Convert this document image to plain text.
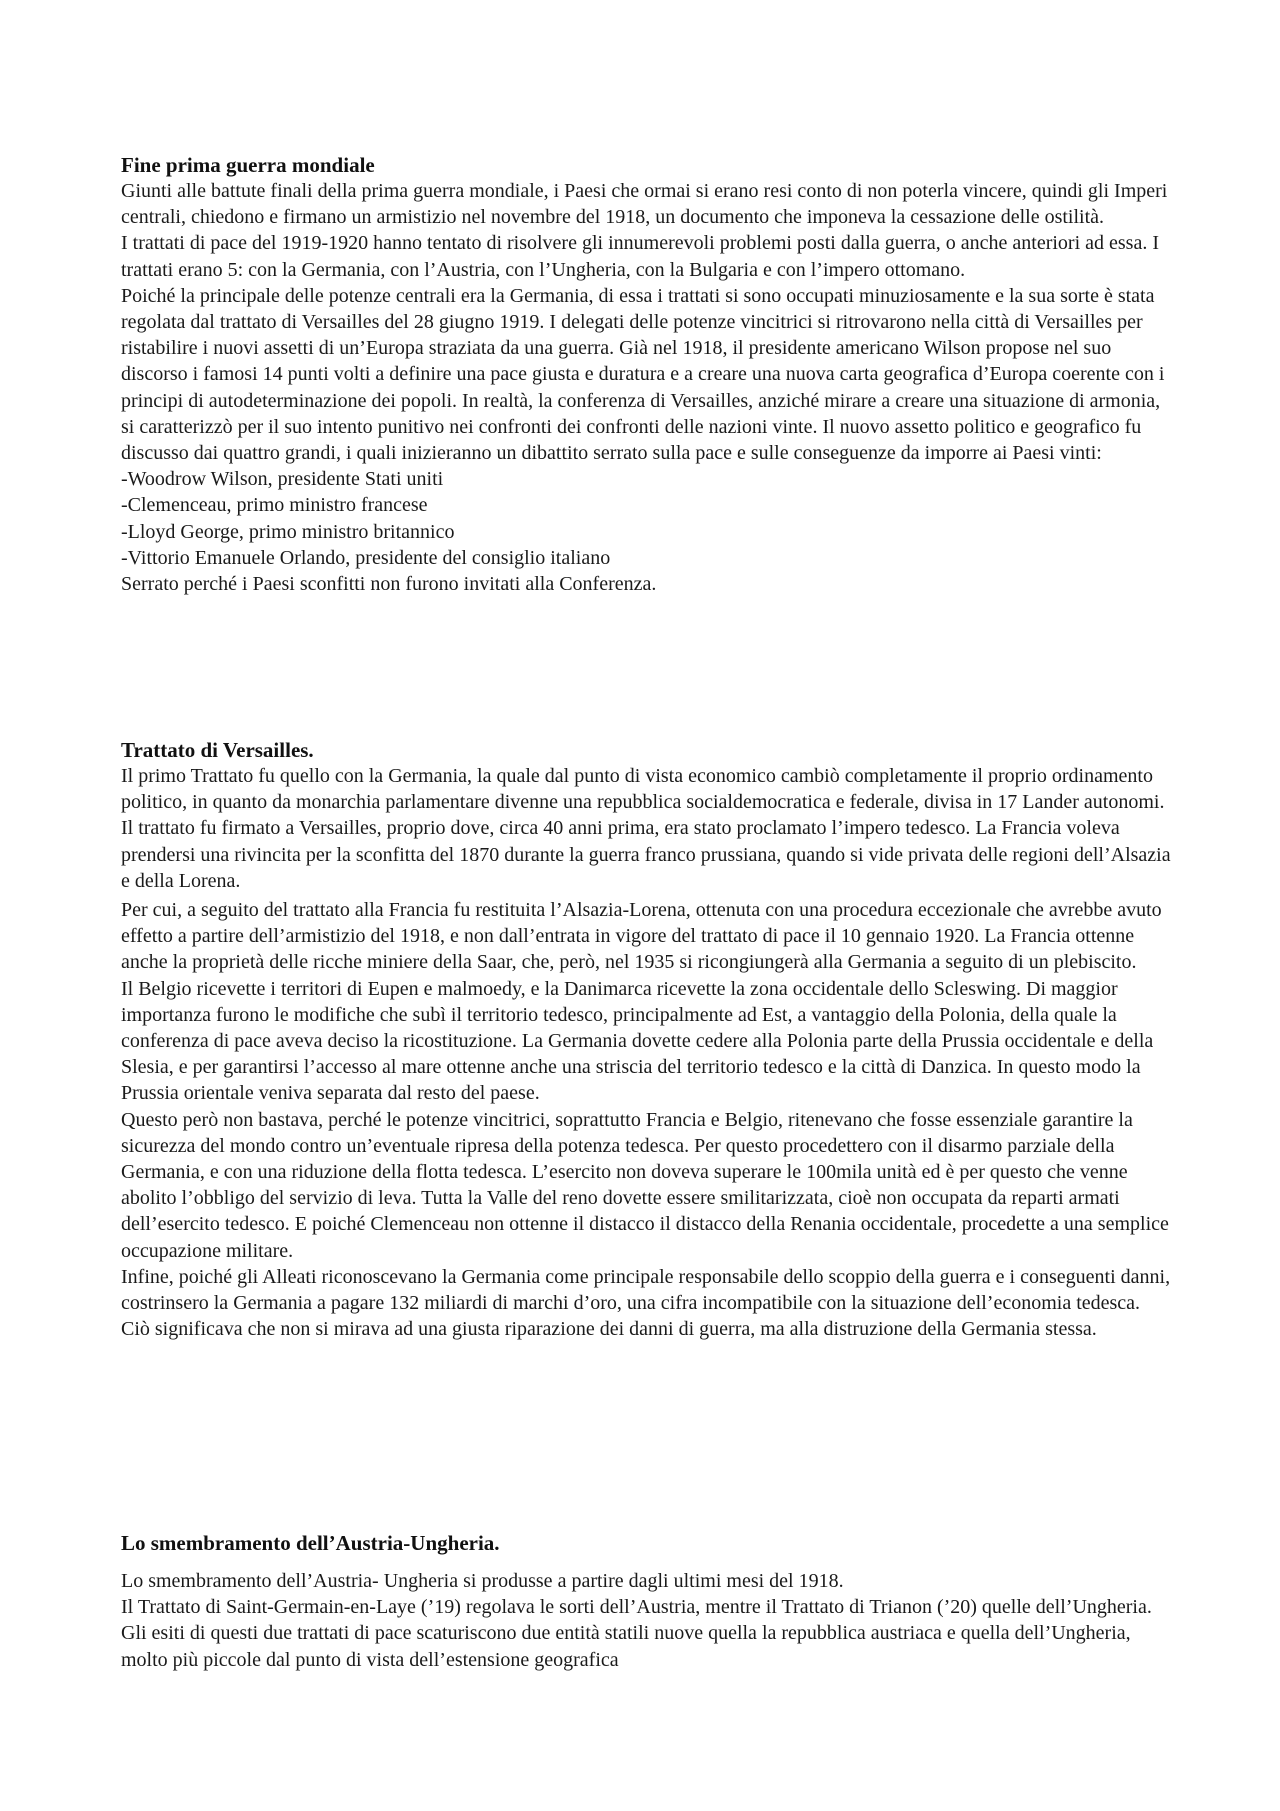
Fine prima guerra mondiale

Giunti alle battute finali della prima guerra mondiale, i Paesi che ormai si erano resi conto di non poterla vincere, quindi gli Imperi centrali, chiedono e firmano un armistizio nel novembre del 1918, un documento che imponeva la cessazione delle ostilità.

I trattati di pace del 1919-1920 hanno tentato di risolvere gli innumerevoli problemi posti dalla guerra, o anche anteriori ad essa. I trattati erano 5: con la Germania, con l’Austria, con l’Ungheria, con la Bulgaria e con l’impero ottomano.

Poiché la principale delle potenze centrali era la Germania, di essa i trattati si sono occupati minuziosamente e la sua sorte è stata regolata dal trattato di Versailles del 28 giugno 1919. I delegati delle potenze vincitrici si ritrovarono nella città di Versailles per ristabilire i nuovi assetti di un’Europa straziata da una guerra. Già nel 1918, il presidente americano Wilson propose nel suo discorso i famosi 14 punti volti a definire una pace giusta e duratura e a creare una nuova carta geografica d’Europa coerente con i principi di autodeterminazione dei popoli. In realtà, la conferenza di Versailles, anziché mirare a creare una situazione di armonia, si caratterizzò per il suo intento punitivo nei confronti dei confronti delle nazioni vinte. Il nuovo assetto politico e geografico fu discusso dai quattro grandi, i quali inizieranno un dibattito serrato sulla pace e sulle conseguenze da imporre ai Paesi vinti:

-Woodrow Wilson, presidente Stati uniti

-Clemenceau, primo ministro francese

-Lloyd George, primo ministro britannico

-Vittorio Emanuele Orlando, presidente del consiglio italiano

Serrato perché i Paesi sconfitti non furono invitati alla Conferenza.

Trattato di Versailles.

Il primo Trattato fu quello con la Germania, la quale dal punto di vista economico cambiò completamente il proprio ordinamento politico, in quanto da monarchia parlamentare divenne una repubblica socialdemocratica e federale, divisa in 17 Lander autonomi.

Il trattato fu firmato a Versailles, proprio dove, circa 40 anni prima, era stato proclamato l’impero tedesco. La Francia voleva prendersi una rivincita per la sconfitta del 1870 durante la guerra franco prussiana, quando si vide privata delle regioni dell’Alsazia e della Lorena.

Per cui, a seguito del trattato alla Francia fu restituita l’Alsazia-Lorena, ottenuta con una procedura eccezionale che avrebbe avuto effetto a partire dell’armistizio del 1918, e non dall’entrata in vigore del trattato di pace il 10 gennaio 1920. La Francia ottenne anche la proprietà delle ricche miniere della Saar, che, però, nel 1935 si ricongiungerà alla Germania a seguito di un plebiscito.

Il Belgio ricevette i territori di Eupen e malmoedy, e la Danimarca ricevette la zona occidentale dello Scleswing. Di maggior importanza furono le modifiche che subì il territorio tedesco, principalmente ad Est, a vantaggio della Polonia, della quale la conferenza di pace aveva deciso la ricostituzione. La Germania dovette cedere alla Polonia parte della Prussia occidentale e della Slesia, e per garantirsi l’accesso al mare ottenne anche una striscia del territorio tedesco e la città di Danzica. In questo modo la Prussia orientale veniva separata dal resto del paese.

Questo però non bastava, perché le potenze vincitrici, soprattutto Francia e Belgio, ritenevano che fosse essenziale garantire la sicurezza del mondo contro un’eventuale ripresa della potenza tedesca. Per questo procedettero con il disarmo parziale della Germania, e con una riduzione della flotta tedesca. L’esercito non doveva superare le 100mila unità ed è per questo che venne abolito l’obbligo del servizio di leva. Tutta la Valle del reno dovette essere smilitarizzata, cioè non occupata da reparti armati dell’esercito tedesco. E poiché Clemenceau non ottenne il distacco il distacco della Renania occidentale, procedette a una semplice occupazione militare.

Infine, poiché gli Alleati riconoscevano la Germania come principale responsabile dello scoppio della guerra e i conseguenti danni, costrinsero la Germania a pagare 132 miliardi di marchi d’oro, una cifra incompatibile con la situazione dell’economia tedesca. Ciò significava che non si mirava ad una giusta riparazione dei danni di guerra, ma alla distruzione della Germania stessa.

Lo smembramento dell’Austria-Ungheria.

Lo smembramento dell’Austria- Ungheria si produsse a partire dagli ultimi mesi del 1918.

Il Trattato di Saint-Germain-en-Laye (’19) regolava le sorti dell’Austria, mentre il Trattato di Trianon (’20) quelle dell’Ungheria. Gli esiti di questi due trattati di pace scaturiscono due entità statili nuove quella la repubblica austriaca e quella dell’Ungheria, molto più piccole dal punto di vista dell’estensione geografica
